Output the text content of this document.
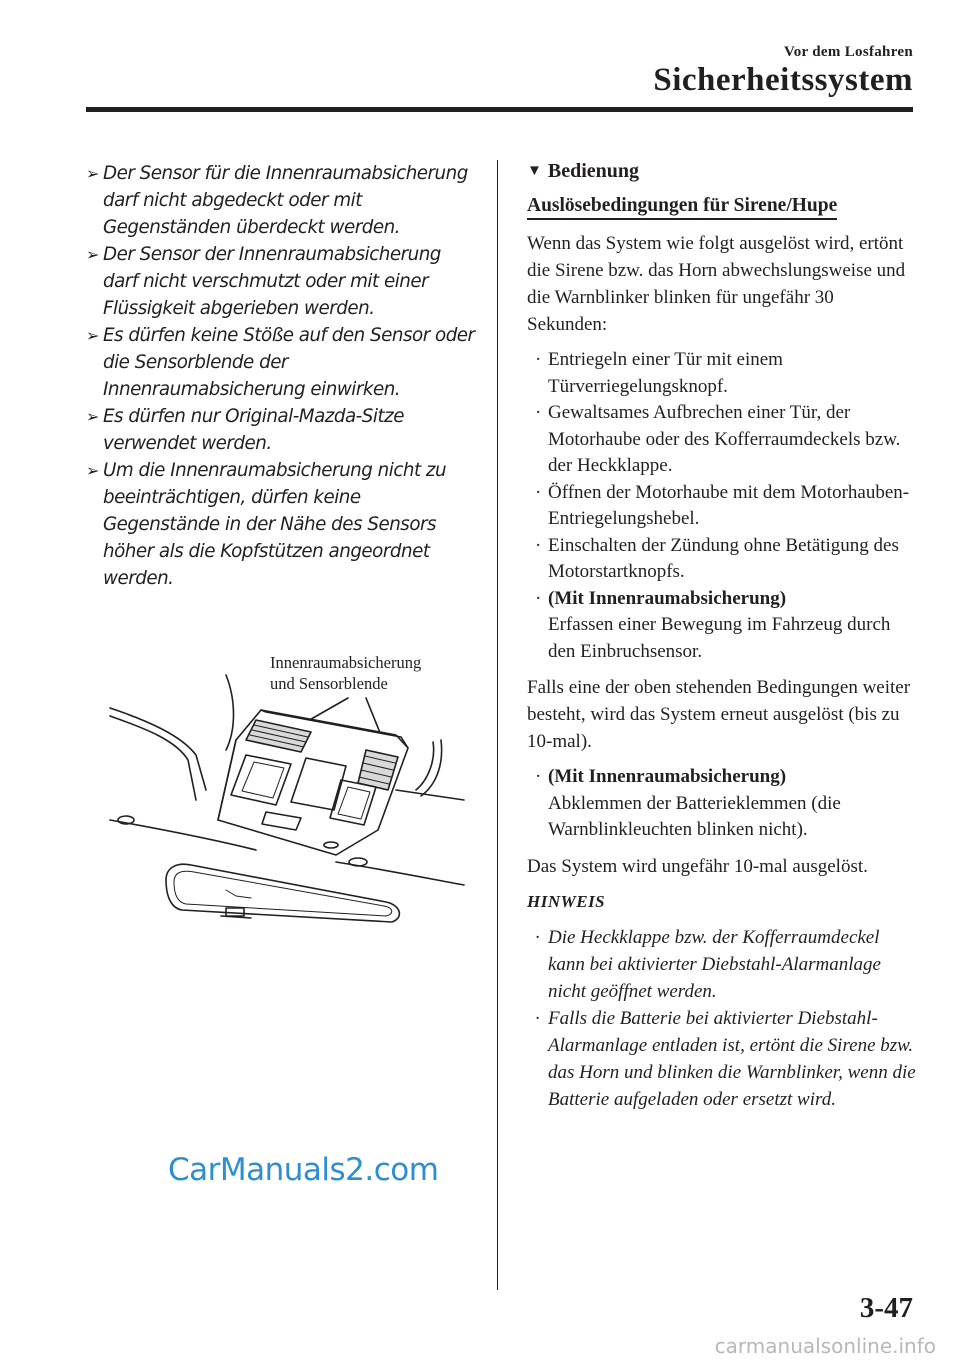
Vor dem Losfahren
Sicherheitssystem
➢ Der Sensor für die Innenraumabsicherung darf nicht abgedeckt oder mit Gegenständen überdeckt werden.
➢ Der Sensor der Innenraumabsicherung darf nicht verschmutzt oder mit einer Flüssigkeit abgerieben werden.
➢ Es dürfen keine Stöße auf den Sensor oder die Sensorblende der Innenraumabsicherung einwirken.
➢ Es dürfen nur Original-Mazda-Sitze verwendet werden.
➢ Um die Innenraumabsicherung nicht zu beeinträchtigen, dürfen keine Gegenstände in der Nähe des Sensors höher als die Kopfstützen angeordnet werden.
Innenraumabsicherung
und Sensorblende
CarManuals2.com
▼ Bedienung
Auslösebedingungen für Sirene/Hupe

Wenn das System wie folgt ausgelöst wird, ertönt die Sirene bzw. das Horn abwechslungsweise und die Warnblinker blinken für ungefähr 30 Sekunden:

· Entriegeln einer Tür mit einem Türverriegelungsknopf.
· Gewaltsames Aufbrechen einer Tür, der Motorhaube oder des Kofferraumdeckels bzw. der Heckklappe.
· Öffnen der Motorhaube mit dem Motorhauben-Entriegelungshebel.
· Einschalten der Zündung ohne Betätigung des Motorstartknopfs.
· (Mit Innenraumabsicherung)
Erfassen einer Bewegung im Fahrzeug durch den Einbruchsensor.

Falls eine der oben stehenden Bedingungen weiter besteht, wird das System erneut ausgelöst (bis zu 10-mal).

· (Mit Innenraumabsicherung)
Abklemmen der Batterieklemmen (die Warnblinkleuchten blinken nicht).

Das System wird ungefähr 10-mal ausgelöst.

HINWEIS
· Die Heckklappe bzw. der Kofferraumdeckel kann bei aktivierter Diebstahl-Alarmanlage nicht geöffnet werden.
· Falls die Batterie bei aktivierter Diebstahl-Alarmanlage entladen ist, ertönt die Sirene bzw. das Horn und blinken die Warnblinker, wenn die Batterie aufgeladen oder ersetzt wird.
3-47
carmanualsonline.info
